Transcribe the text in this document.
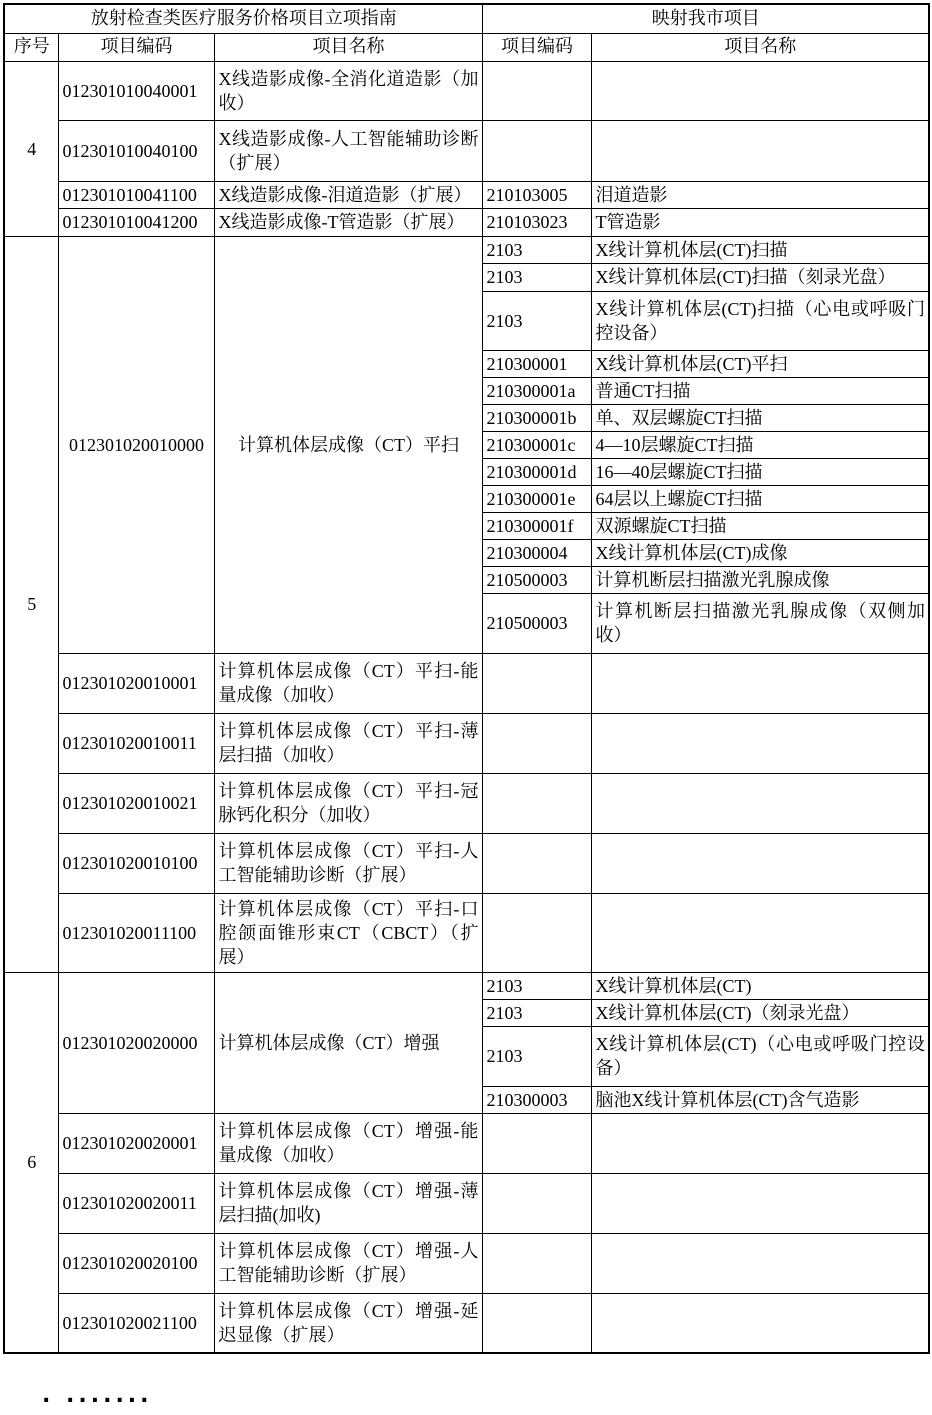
放射检查类医疗服务价格项目立项指南			映射我市项目	
序号	项目编码	项目名称	项目编码	项目名称
4	012301010040001	X线造影成像-全消化道造影（加收）		
	012301010040100	X线造影成像-人工智能辅助诊断（扩展）		
	012301010041100	X线造影成像-泪道造影（扩展）	210103005	泪道造影
	012301010041200	X线造影成像-T管造影（扩展）	210103023	T管造影
5	012301020010000	计算机体层成像（CT）平扫	2103	X线计算机体层(CT)扫描
			2103	X线计算机体层(CT)扫描（刻录光盘）
			2103	X线计算机体层(CT)扫描（心电或呼吸门控设备）
			210300001	X线计算机体层(CT)平扫
			210300001a	普通CT扫描
			210300001b	单、双层螺旋CT扫描
			210300001c	4—10层螺旋CT扫描
			210300001d	16—40层螺旋CT扫描
			210300001e	64层以上螺旋CT扫描
			210300001f	双源螺旋CT扫描
			210300004	X线计算机体层(CT)成像
			210500003	计算机断层扫描激光乳腺成像
			210500003	计算机断层扫描激光乳腺成像（双侧加收）
	012301020010001	计算机体层成像（CT）平扫-能量成像（加收）		
	012301020010011	计算机体层成像（CT）平扫-薄层扫描（加收）		
	012301020010021	计算机体层成像（CT）平扫-冠脉钙化积分（加收）		
	012301020010100	计算机体层成像（CT）平扫-人工智能辅助诊断（扩展）		
	012301020011100	计算机体层成像（CT）平扫-口腔颌面锥形束CT（CBCT）（扩展）		
6	012301020020000	计算机体层成像（CT）增强	2103	X线计算机体层(CT)
			2103	X线计算机体层(CT)（刻录光盘）
			2103	X线计算机体层(CT)（心电或呼吸门控设备）
			210300003	脑池X线计算机体层(CT)含气造影
	012301020020001	计算机体层成像（CT）增强-能量成像（加收）		
	012301020020011	计算机体层成像（CT）增强-薄层扫描(加收)		
	012301020020100	计算机体层成像（CT）增强-人工智能辅助诊断（扩展）		
	012301020021100	计算机体层成像（CT）增强-延迟显像（扩展）		
. .......
